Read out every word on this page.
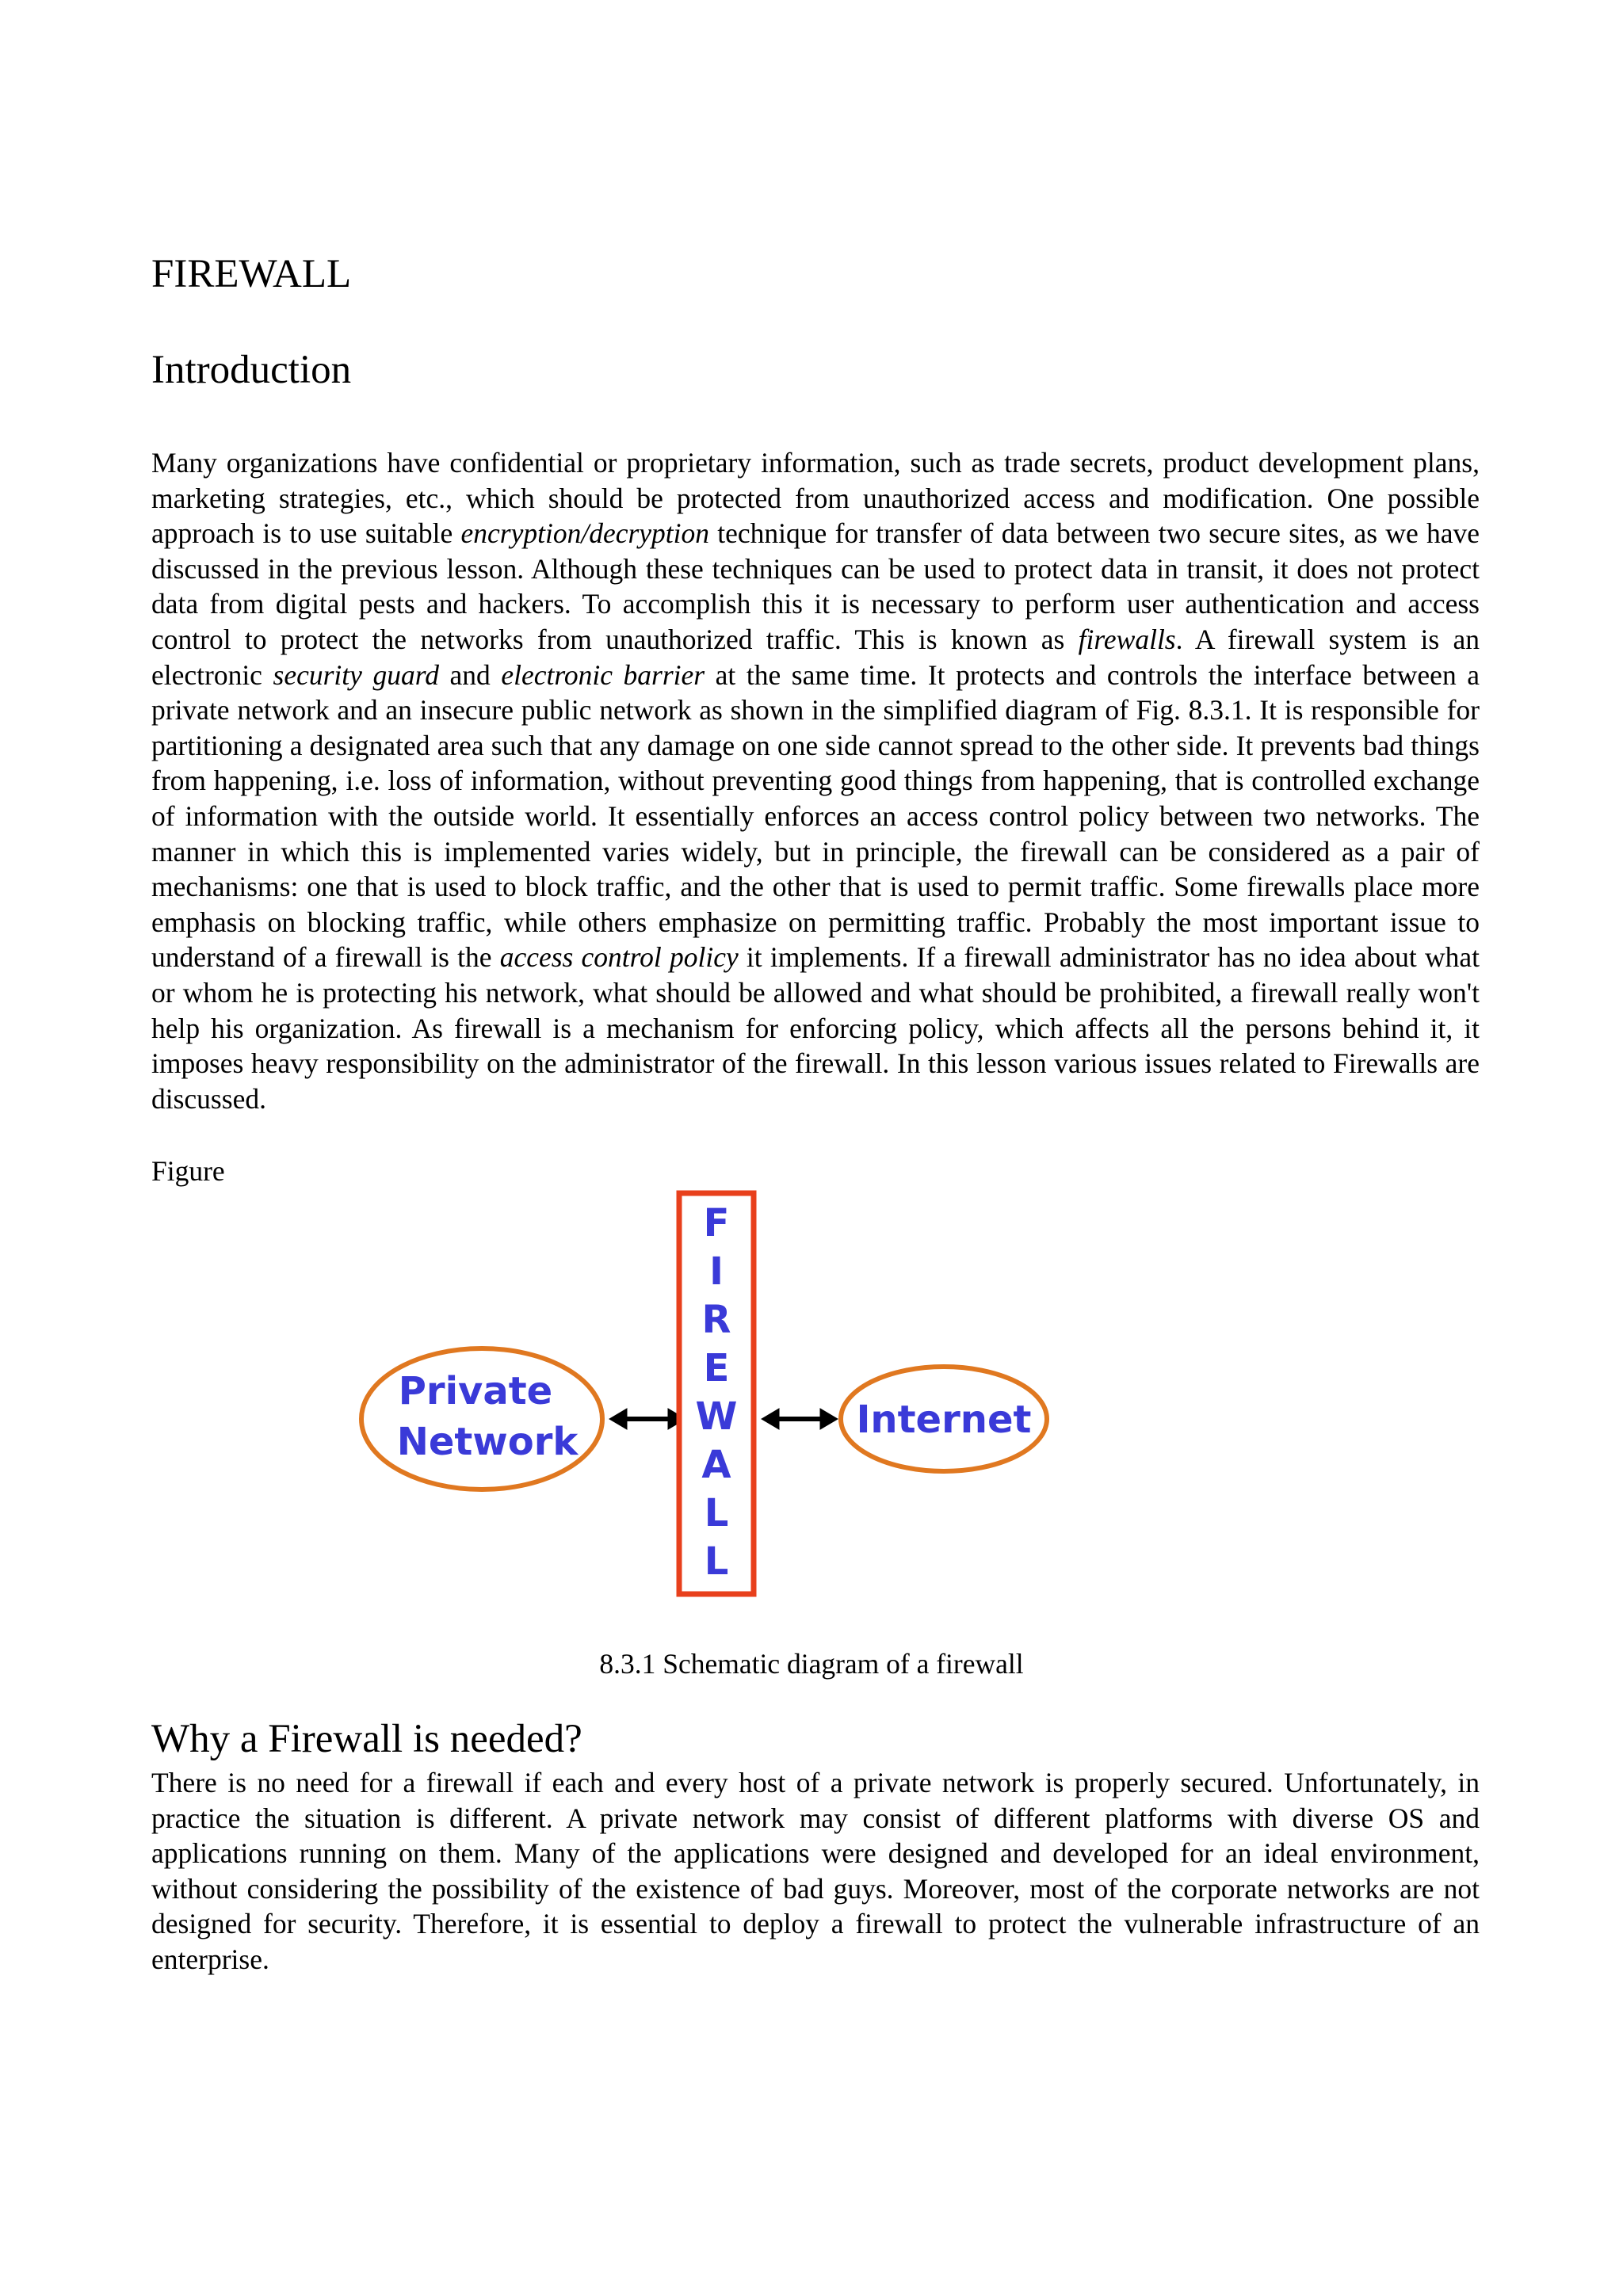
FIREWALL
Introduction

Many organizations have confidential or proprietary information, such as trade secrets, product development plans, marketing strategies, etc., which should be protected from unauthorized access and modification. One possible approach is to use suitable encryption/decryption technique for transfer of data between two secure sites, as we have discussed in the previous lesson. Although these techniques can be used to protect data in transit, it does not protect data from digital pests and hackers. To accomplish this it is necessary to perform user authentication and access control to protect the networks from unauthorized traffic. This is known as firewalls. A firewall system is an electronic security guard and electronic barrier at the same time. It protects and controls the interface between a private network and an insecure public network as shown in the simplified diagram of Fig. 8.3.1. It is responsible for partitioning a designated area such that any damage on one side cannot spread to the other side. It prevents bad things from happening, i.e. loss of information, without preventing good things from happening, that is controlled exchange of information with the outside world. It essentially enforces an access control policy between two networks. The manner in which this is implemented varies widely, but in principle, the firewall can be considered as a pair of mechanisms: one that is used to block traffic, and the other that is used to permit traffic. Some firewalls place more emphasis on blocking traffic, while others emphasize on permitting traffic. Probably the most important issue to understand of a firewall is the access control policy it implements. If a firewall administrator has no idea about what or whom he is protecting his network, what should be allowed and what should be prohibited, a firewall really won't help his organization. As firewall is a mechanism for enforcing policy, which affects all the persons behind it, it imposes heavy responsibility on the administrator of the firewall. In this lesson various issues related to Firewalls are discussed.

Figure
Private
Network
F
I
R
E
W
A
L
L
Internet
8.3.1 Schematic diagram of a firewall
Why a Firewall is needed?

There is no need for a firewall if each and every host of a private network is properly secured. Unfortunately, in practice the situation is different. A private network may consist of different platforms with diverse OS and applications running on them. Many of the applications were designed and developed for an ideal environment, without considering the possibility of the existence of bad guys. Moreover, most of the corporate networks are not designed for security. Therefore, it is essential to deploy a firewall to protect the vulnerable infrastructure of an enterprise.
